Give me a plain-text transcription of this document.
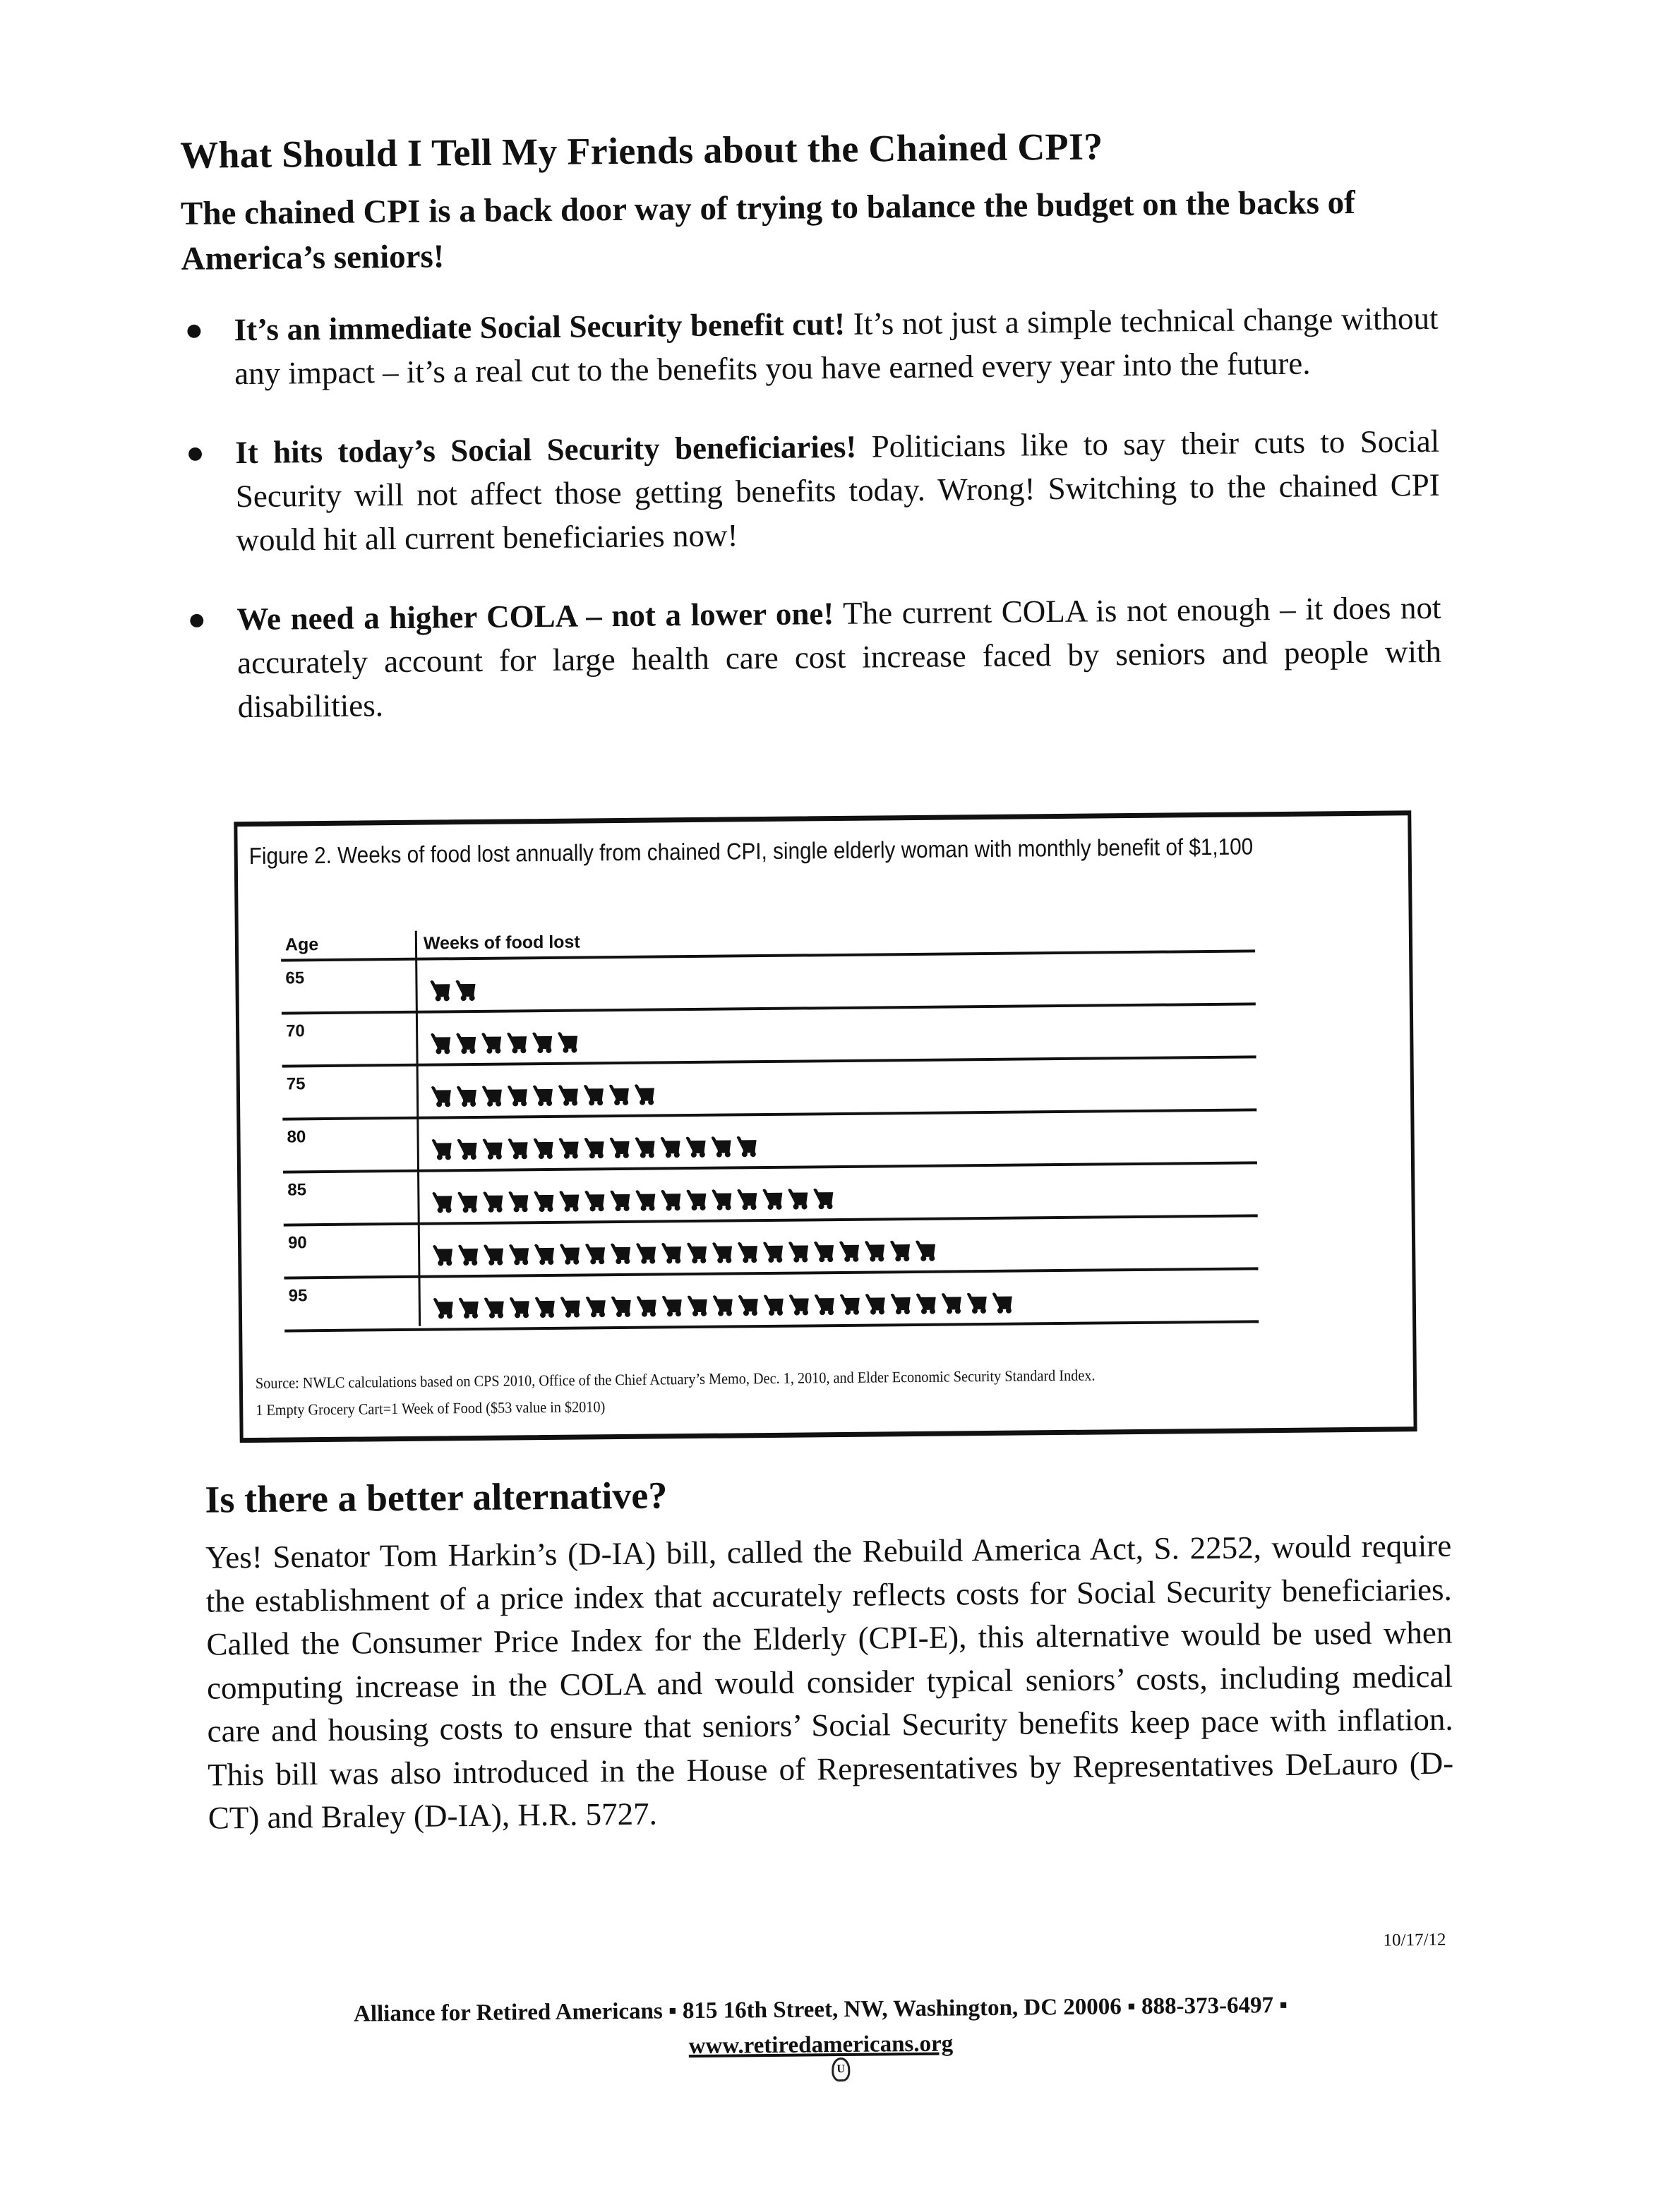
What Should I Tell My Friends about the Chained CPI?
The chained CPI is a back door way of trying to balance the budget on the backs of America’s seniors!
● It’s an immediate Social Security benefit cut! It’s not just a simple technical change without any impact – it’s a real cut to the benefits you have earned every year into the future.
● It hits today’s Social Security beneficiaries! Politicians like to say their cuts to Social Security will not affect those getting benefits today. Wrong! Switching to the chained CPI would hit all current beneficiaries now!
● We need a higher COLA – not a lower one! The current COLA is not enough – it does not accurately account for large health care cost increase faced by seniors and people with disabilities.
Figure 2. Weeks of food lost annually from chained CPI, single elderly woman with monthly benefit of $1,100
Age	Weeks of food lost
65
70
75
80
85
90
95
Source: NWLC calculations based on CPS 2010, Office of the Chief Actuary’s Memo, Dec. 1, 2010, and Elder Economic Security Standard Index.
1 Empty Grocery Cart=1 Week of Food ($53 value in $2010)
Is there a better alternative?
Yes! Senator Tom Harkin’s (D-IA) bill, called the Rebuild America Act, S. 2252, would require the establishment of a price index that accurately reflects costs for Social Security beneficiaries. Called the Consumer Price Index for the Elderly (CPI-E), this alternative would be used when computing increase in the COLA and would consider typical seniors’ costs, including medical care and housing costs to ensure that seniors’ Social Security benefits keep pace with inflation. This bill was also introduced in the House of Representatives by Representatives DeLauro (D-CT) and Braley (D-IA), H.R. 5727.
10/17/12
Alliance for Retired Americans ▪ 815 16th Street, NW, Washington, DC 20006 ▪ 888-373-6497 ▪
www.retiredamericans.org
U
